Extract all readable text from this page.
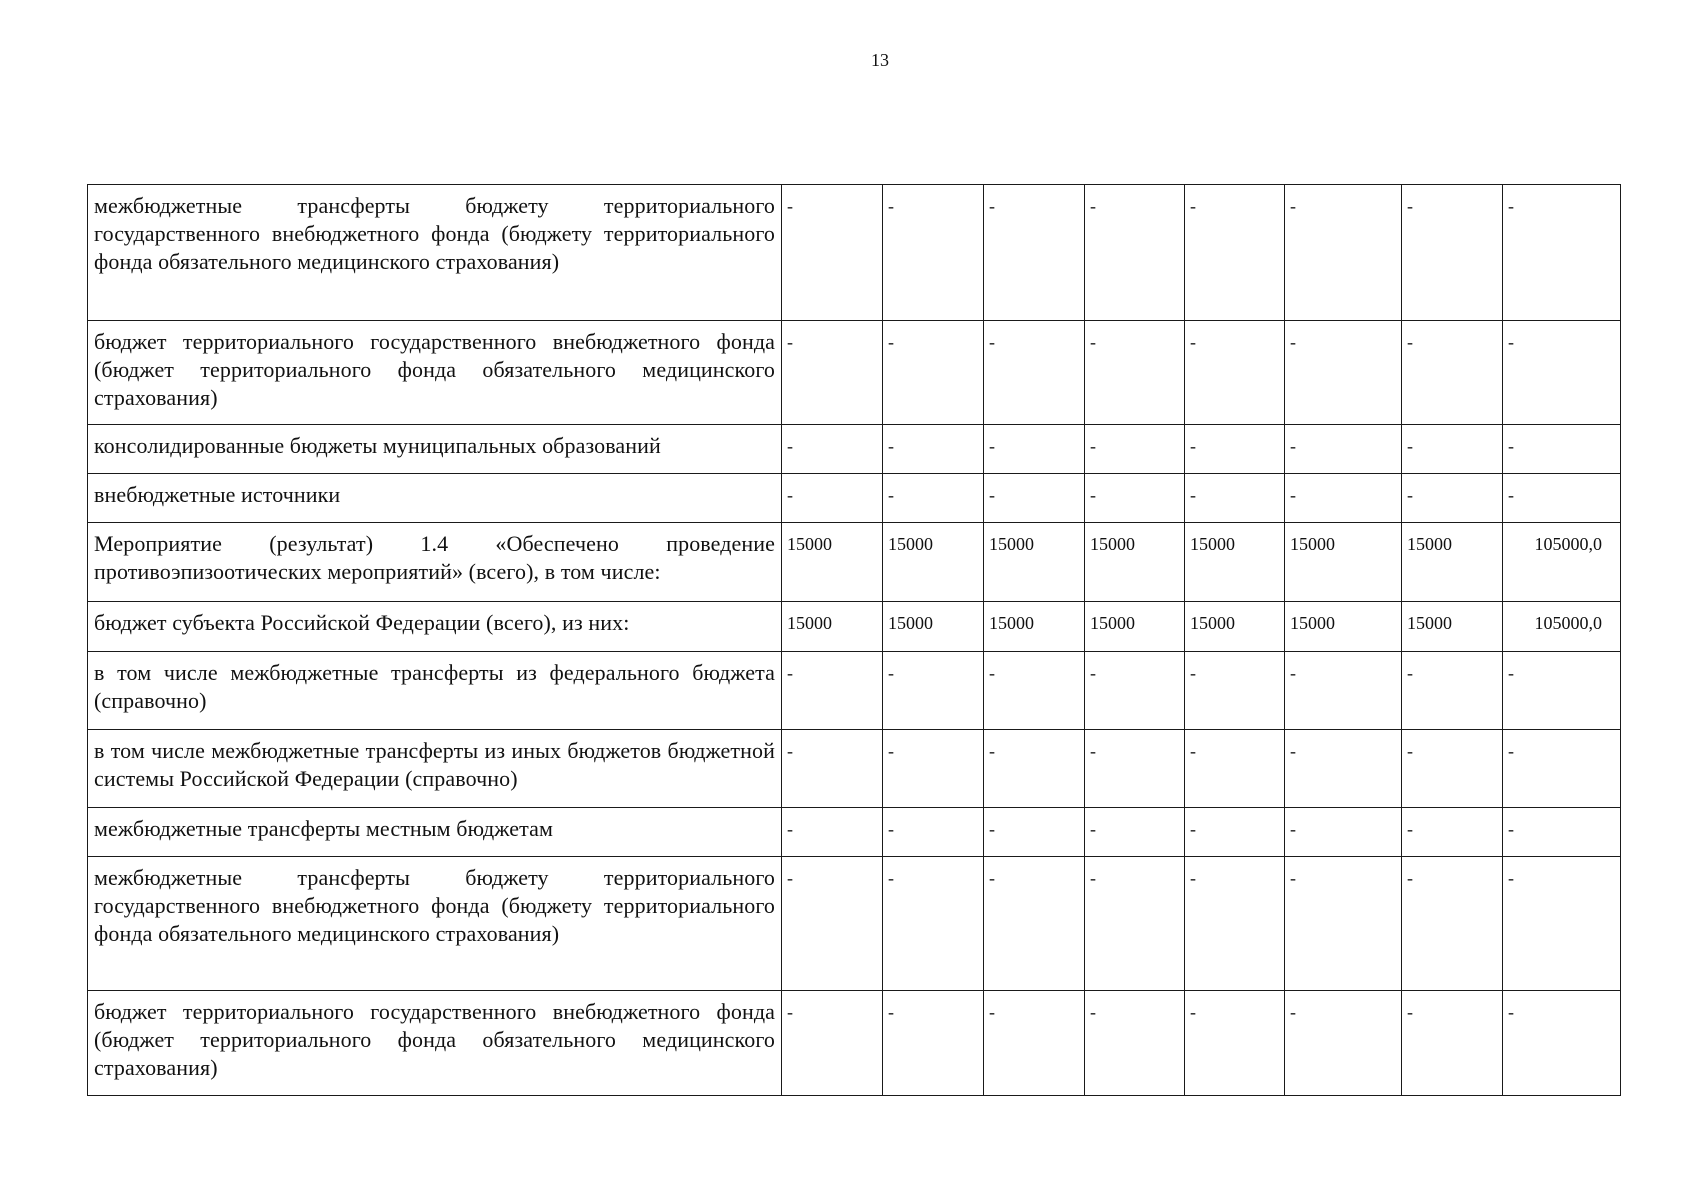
13
межбюджетные трансферты бюджету территориального государственного внебюджетного фонда (бюджету территориального фонда обязательного медицинского страхования)	-	-	-	-	-	-	-	-
бюджет территориального государственного внебюджетного фонда (бюджет территориального фонда обязательного медицинского страхования)	-	-	-	-	-	-	-	-
консолидированные бюджеты муниципальных образований	-	-	-	-	-	-	-	-
внебюджетные источники	-	-	-	-	-	-	-	-
Мероприятие (результат) 1.4 «Обеспечено проведение противоэпизоотических мероприятий» (всего), в том числе:	15000	15000	15000	15000	15000	15000	15000	105000,0
бюджет субъекта Российской Федерации (всего), из них:	15000	15000	15000	15000	15000	15000	15000	105000,0
в том числе межбюджетные трансферты из федерального бюджета (справочно)	-	-	-	-	-	-	-	-
в том числе межбюджетные трансферты из иных бюджетов бюджетной системы Российской Федерации (справочно)	-	-	-	-	-	-	-	-
межбюджетные трансферты местным бюджетам	-	-	-	-	-	-	-	-
межбюджетные трансферты бюджету территориального государственного внебюджетного фонда (бюджету территориального фонда обязательного медицинского страхования)	-	-	-	-	-	-	-	-
бюджет территориального государственного внебюджетного фонда (бюджет территориального фонда обязательного медицинского страхования)	-	-	-	-	-	-	-	-
